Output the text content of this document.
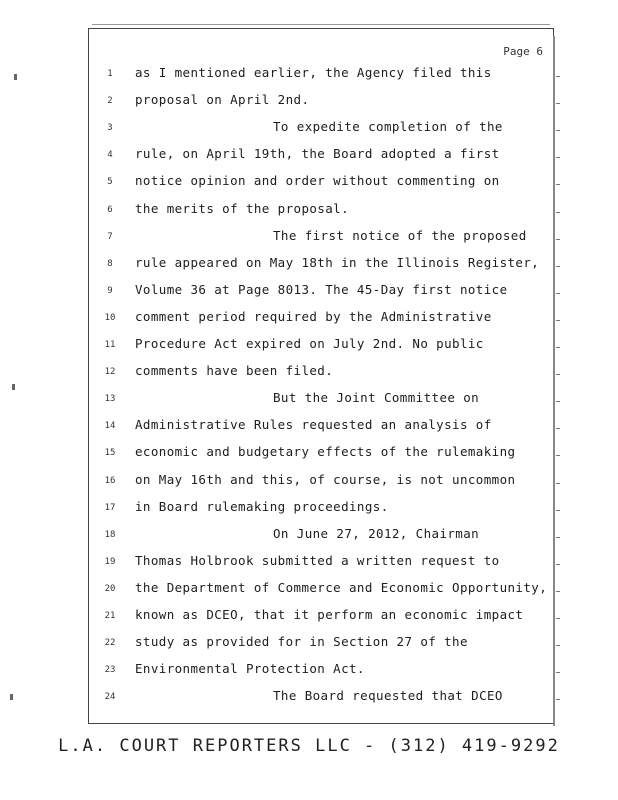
Page 6
1	as I mentioned earlier, the Agency filed this
2	proposal on April 2nd.
3	To expedite completion of the
4	rule, on April 19th, the Board adopted a first
5	notice opinion and order without commenting on
6	the merits of the proposal.
7	The first notice of the proposed
8	rule appeared on May 18th in the Illinois Register,
9	Volume 36 at Page 8013. The 45-Day first notice
10	comment period required by the Administrative
11	Procedure Act expired on July 2nd. No public
12	comments have been filed.
13	But the Joint Committee on
14	Administrative Rules requested an analysis of
15	economic and budgetary effects of the rulemaking
16	on May 16th and this, of course, is not uncommon
17	in Board rulemaking proceedings.
18	On June 27, 2012, Chairman
19	Thomas Holbrook submitted a written request to
20	the Department of Commerce and Economic Opportunity,
21	known as DCEO, that it perform an economic impact
22	study as provided for in Section 27 of the
23	Environmental Protection Act.
24	The Board requested that DCEO
L.A. COURT REPORTERS LLC - (312) 419-9292
